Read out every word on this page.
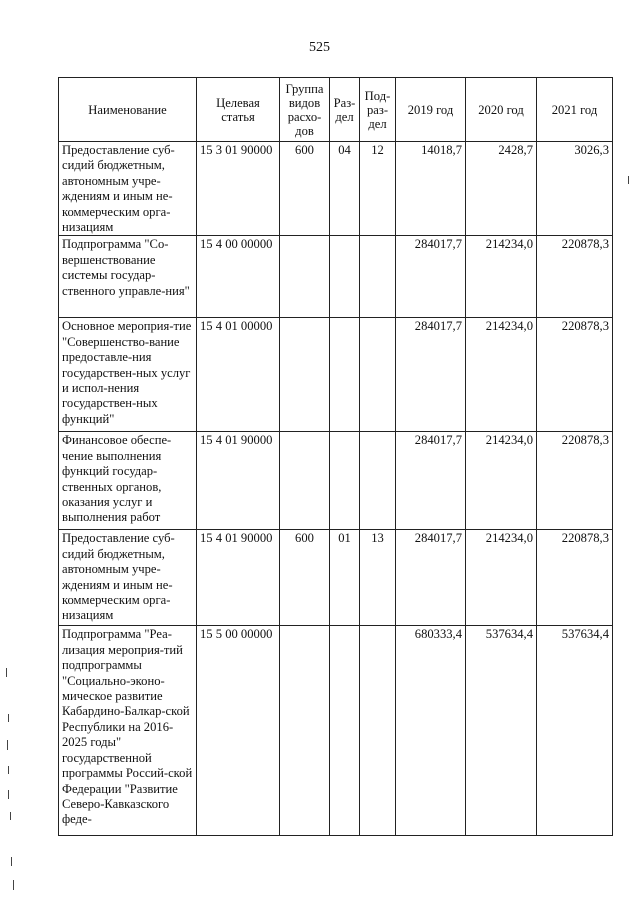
525
Наименование	Целевая статья	Группа видов расхо-дов	Раз-дел	Под-раз-дел	2019 год	2020 год	2021 год
Предоставление суб-сидий бюджетным, автономным учре-ждениям и иным не-коммерческим орга-низациям	15 3 01 90000	600	04	12	14018,7	2428,7	3026,3
Подпрограмма "Со-вершенствование системы государ-ственного управле-ния"	15 4 00 00000				284017,7	214234,0	220878,3
Основное мероприя-тие "Совершенство-вание предоставле-ния государствен-ных услуг и испол-нения государствен-ных функций"	15 4 01 00000				284017,7	214234,0	220878,3
Финансовое обеспе-чение выполнения функций государ-ственных органов, оказания услуг и выполнения работ	15 4 01 90000				284017,7	214234,0	220878,3
Предоставление суб-сидий бюджетным, автономным учре-ждениям и иным не-коммерческим орга-низациям	15 4 01 90000	600	01	13	284017,7	214234,0	220878,3
Подпрограмма "Реа-лизация мероприя-тий подпрограммы "Социально-эконо-мическое развитие Кабардино-Балкар-ской Республики на 2016-2025 годы" государственной программы Россий-ской Федерации "Развитие Северо-Кавказского феде-	15 5 00 00000				680333,4	537634,4	537634,4
